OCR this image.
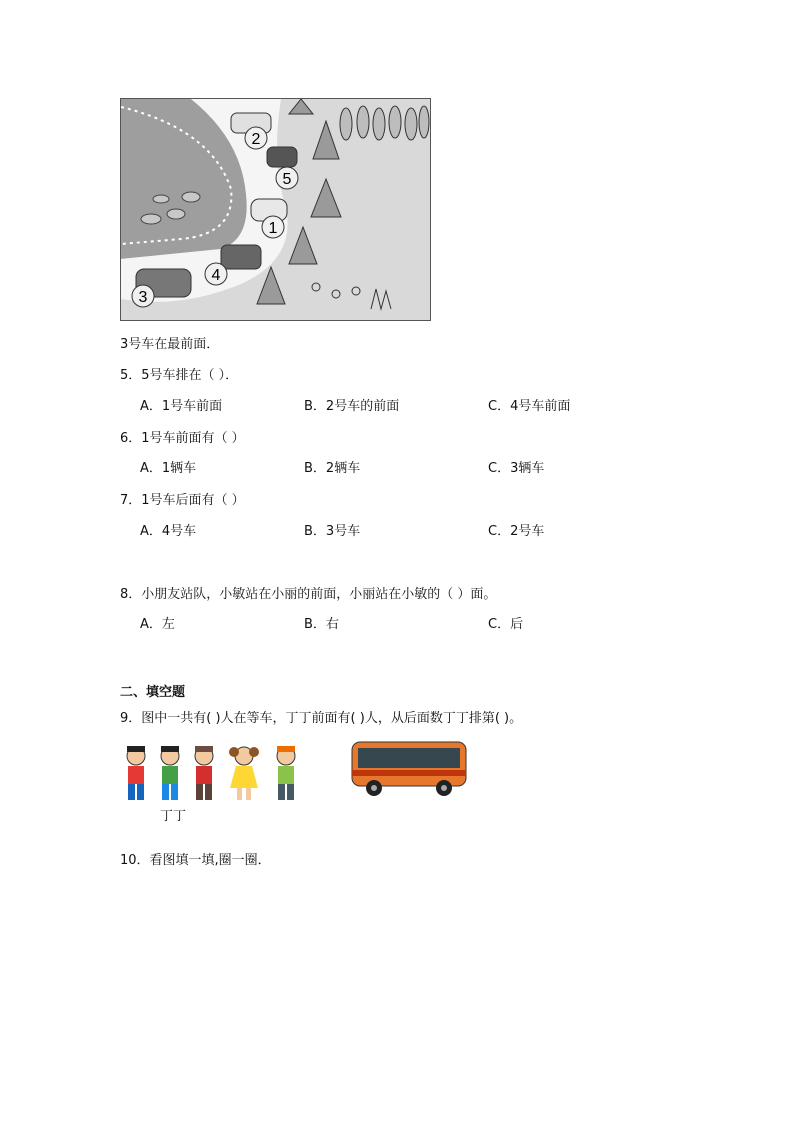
2
5
1
4
3
3号车在最前面．
5．5号车排在（ ）．
A．1号车前面	B．2号车的前面	C．4号车前面
6．1号车前面有（ ）
A．1辆车	B．2辆车	C．3辆车
7．1号车后面有（ ）
A．4号车	B．3号车	C．2号车
8．小朋友站队，小敏站在小丽的前面，小丽站在小敏的（ ）面。
A．左	B．右	C．后
二、填空题
9．图中一共有( )人在等车，丁丁前面有( )人，从后面数丁丁排第( )。
丁丁
10．看图填一填,圈一圈．
